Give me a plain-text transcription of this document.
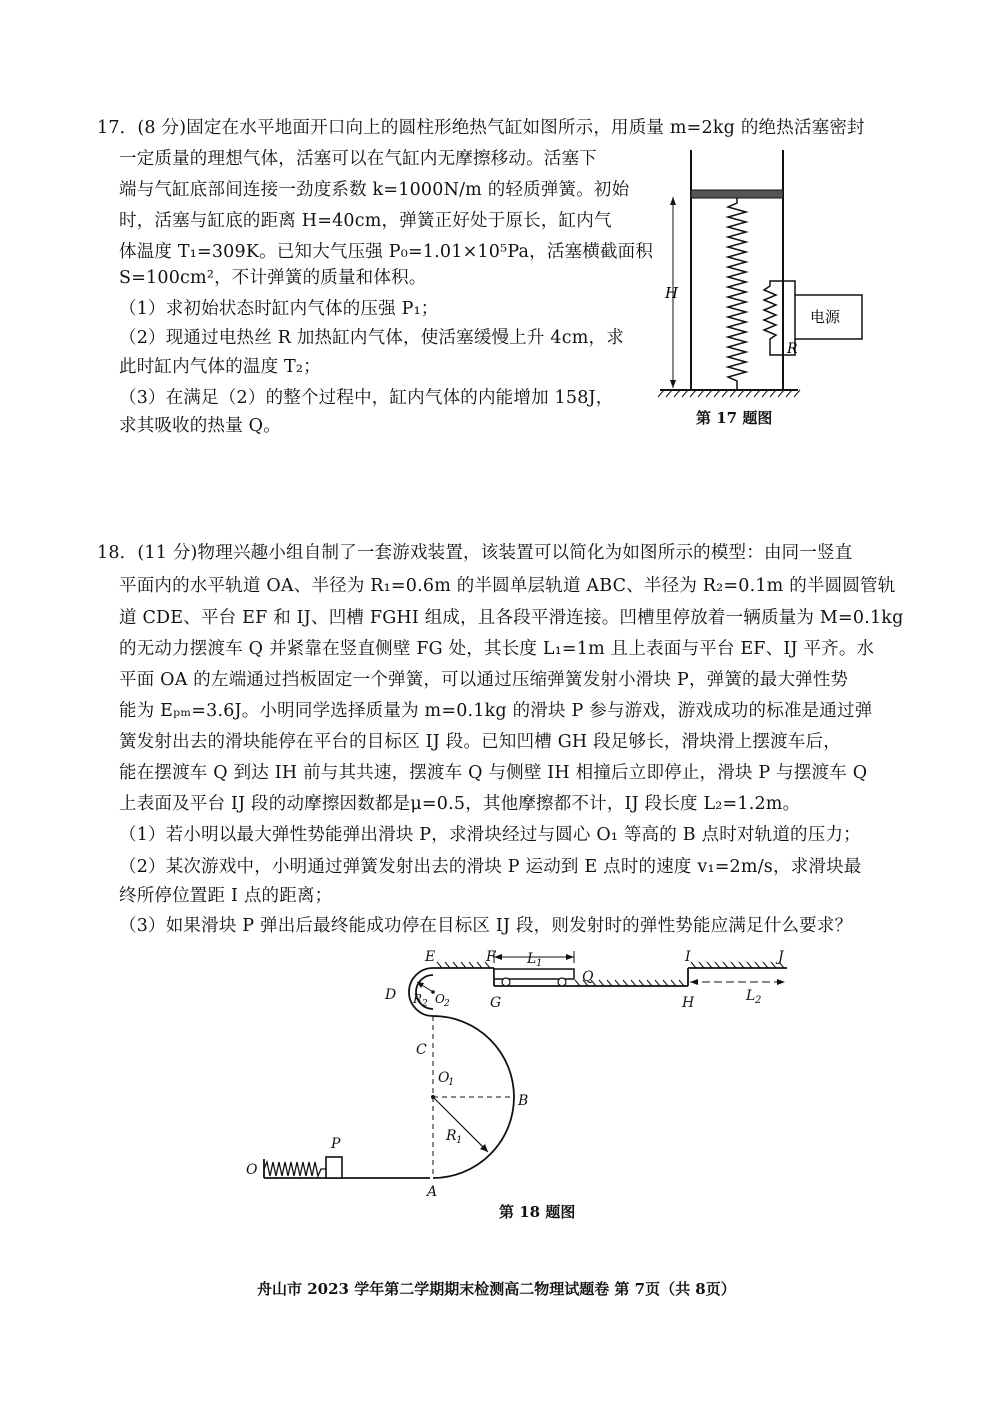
17．(8 分)固定在水平地面开口向上的圆柱形绝热气缸如图所示，用质量 m=2kg 的绝热活塞密封
一定质量的理想气体，活塞可以在气缸内无摩擦移动。活塞下
端与气缸底部间连接一劲度系数 k=1000N/m 的轻质弹簧。初始
时，活塞与缸底的距离 H=40cm，弹簧正好处于原长，缸内气
体温度 T₁=309K。已知大气压强 P₀=1.01×10⁵Pa，活塞横截面积
S=100cm²，不计弹簧的质量和体积。
（1）求初始状态时缸内气体的压强 P₁；
（2）现通过电热丝 R 加热缸内气体，使活塞缓慢上升 4cm，求
此时缸内气体的温度 T₂；
（3）在满足（2）的整个过程中，缸内气体的内能增加 158J，
求其吸收的热量 Q。
H
R
电源
第 17 题图
18．(11 分)物理兴趣小组自制了一套游戏装置，该装置可以简化为如图所示的模型：由同一竖直
平面内的水平轨道 OA、半径为 R₁=0.6m 的半圆单层轨道 ABC、半径为 R₂=0.1m 的半圆圆管轨
道 CDE、平台 EF 和 IJ、凹槽 FGHI 组成，且各段平滑连接。凹槽里停放着一辆质量为 M=0.1kg
的无动力摆渡车 Q 并紧靠在竖直侧壁 FG 处，其长度 L₁=1m 且上表面与平台 EF、IJ 平齐。水
平面 OA 的左端通过挡板固定一个弹簧，可以通过压缩弹簧发射小滑块 P，弹簧的最大弹性势
能为 Eₚₘ=3.6J。小明同学选择质量为 m=0.1kg 的滑块 P 参与游戏，游戏成功的标准是通过弹
簧发射出去的滑块能停在平台的目标区 IJ 段。已知凹槽 GH 段足够长，滑块滑上摆渡车后，
能在摆渡车 Q 到达 IH 前与其共速，摆渡车 Q 与侧壁 IH 相撞后立即停止，滑块 P 与摆渡车 Q
上表面及平台 IJ 段的动摩擦因数都是μ=0.5，其他摩擦都不计，IJ 段长度 L₂=1.2m。
（1）若小明以最大弹性势能弹出滑块 P，求滑块经过与圆心 O₁ 等高的 B 点时对轨道的压力；
（2）某次游戏中，小明通过弹簧发射出去的滑块 P 运动到 E 点时的速度 v₁=2m/s，求滑块最
终所停位置距 I 点的距离；
（3）如果滑块 P 弹出后最终能成功停在目标区 IJ 段，则发射时的弹性势能应满足什么要求？
E	F L 1
Q
I	J
D R 2 O 2	G	H	L 2
C
O
1
B
R 1
P
O
A
第 18 题图
舟山市 2023 学年第二学期期末检测高二物理试题卷 第 7页（共 8页）
